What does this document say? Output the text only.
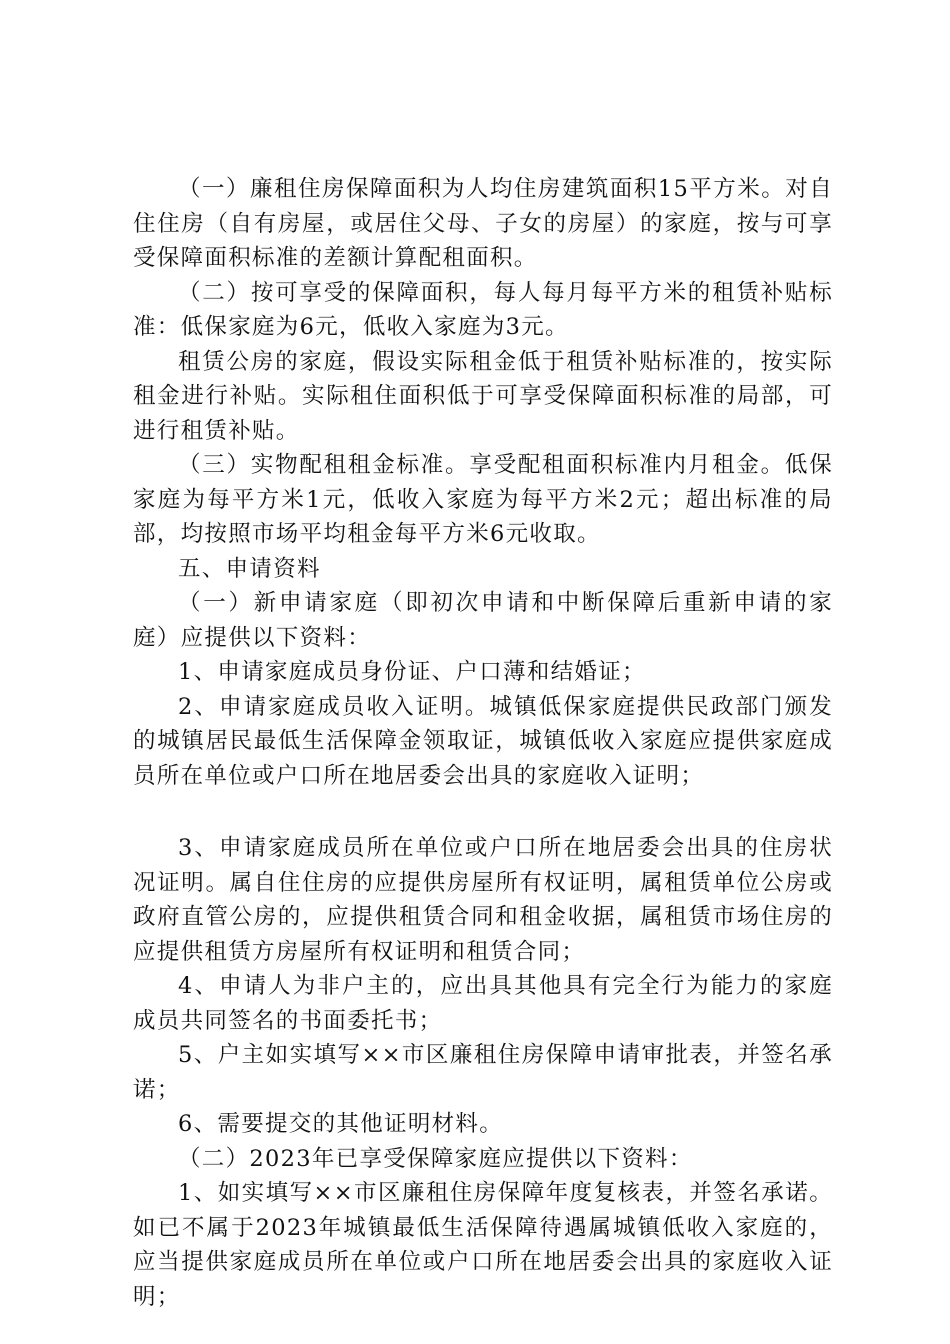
（一）廉租住房保障面积为人均住房建筑面积15平方米。对自住住房（自有房屋，或居住父母、子女的房屋）的家庭，按与可享受保障面积标准的差额计算配租面积。

（二）按可享受的保障面积，每人每月每平方米的租赁补贴标准：低保家庭为6元，低收入家庭为3元。

租赁公房的家庭，假设实际租金低于租赁补贴标准的，按实际租金进行补贴。实际租住面积低于可享受保障面积标准的局部，可进行租赁补贴。

（三）实物配租租金标准。享受配租面积标准内月租金。低保家庭为每平方米1元，低收入家庭为每平方米2元；超出标准的局部，均按照市场平均租金每平方米6元收取。

五、申请资料

（一）新申请家庭（即初次申请和中断保障后重新申请的家庭）应提供以下资料：

1、申请家庭成员身份证、户口薄和结婚证；

2、申请家庭成员收入证明。城镇低保家庭提供民政部门颁发的城镇居民最低生活保障金领取证，城镇低收入家庭应提供家庭成员所在单位或户口所在地居委会出具的家庭收入证明；

3、申请家庭成员所在单位或户口所在地居委会出具的住房状况证明。属自住住房的应提供房屋所有权证明，属租赁单位公房或政府直管公房的，应提供租赁合同和租金收据，属租赁市场住房的应提供租赁方房屋所有权证明和租赁合同；

4、申请人为非户主的，应出具其他具有完全行为能力的家庭成员共同签名的书面委托书；

5、户主如实填写××市区廉租住房保障申请审批表，并签名承诺；

6、需要提交的其他证明材料。

（二）2023年已享受保障家庭应提供以下资料：

1、如实填写××市区廉租住房保障年度复核表，并签名承诺。如已不属于2023年城镇最低生活保障待遇属城镇低收入家庭的，应当提供家庭成员所在单位或户口所在地居委会出具的家庭收入证明；
